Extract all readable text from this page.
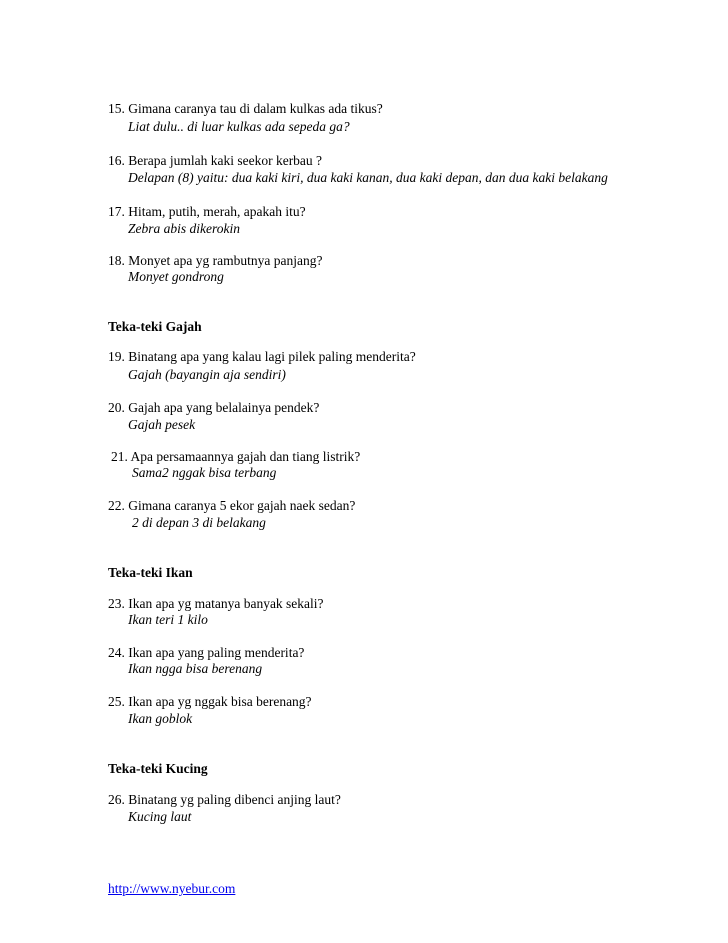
15. Gimana caranya tau di dalam kulkas ada tikus?
Liat dulu.. di luar kulkas ada sepeda ga?
16. Berapa jumlah kaki seekor kerbau ?
Delapan (8) yaitu: dua kaki kiri, dua kaki kanan, dua kaki depan, dan dua kaki belakang
17. Hitam, putih, merah, apakah itu?
Zebra abis dikerokin
18. Monyet apa yg rambutnya panjang?
Monyet gondrong
Teka-teki Gajah
19. Binatang apa yang kalau lagi pilek paling menderita?
Gajah (bayangin aja sendiri)
20. Gajah apa yang belalainya pendek?
Gajah pesek
21. Apa persamaannya gajah dan tiang listrik?
Sama2 nggak bisa terbang
22. Gimana caranya 5 ekor gajah naek sedan?
2 di depan 3 di belakang
Teka-teki Ikan
23. Ikan apa yg matanya banyak sekali?
Ikan teri 1 kilo
24. Ikan apa yang paling menderita?
Ikan ngga bisa berenang
25. Ikan apa yg nggak bisa berenang?
Ikan goblok
Teka-teki Kucing
26. Binatang yg paling dibenci anjing laut?
Kucing laut
http://www.nyebur.com
